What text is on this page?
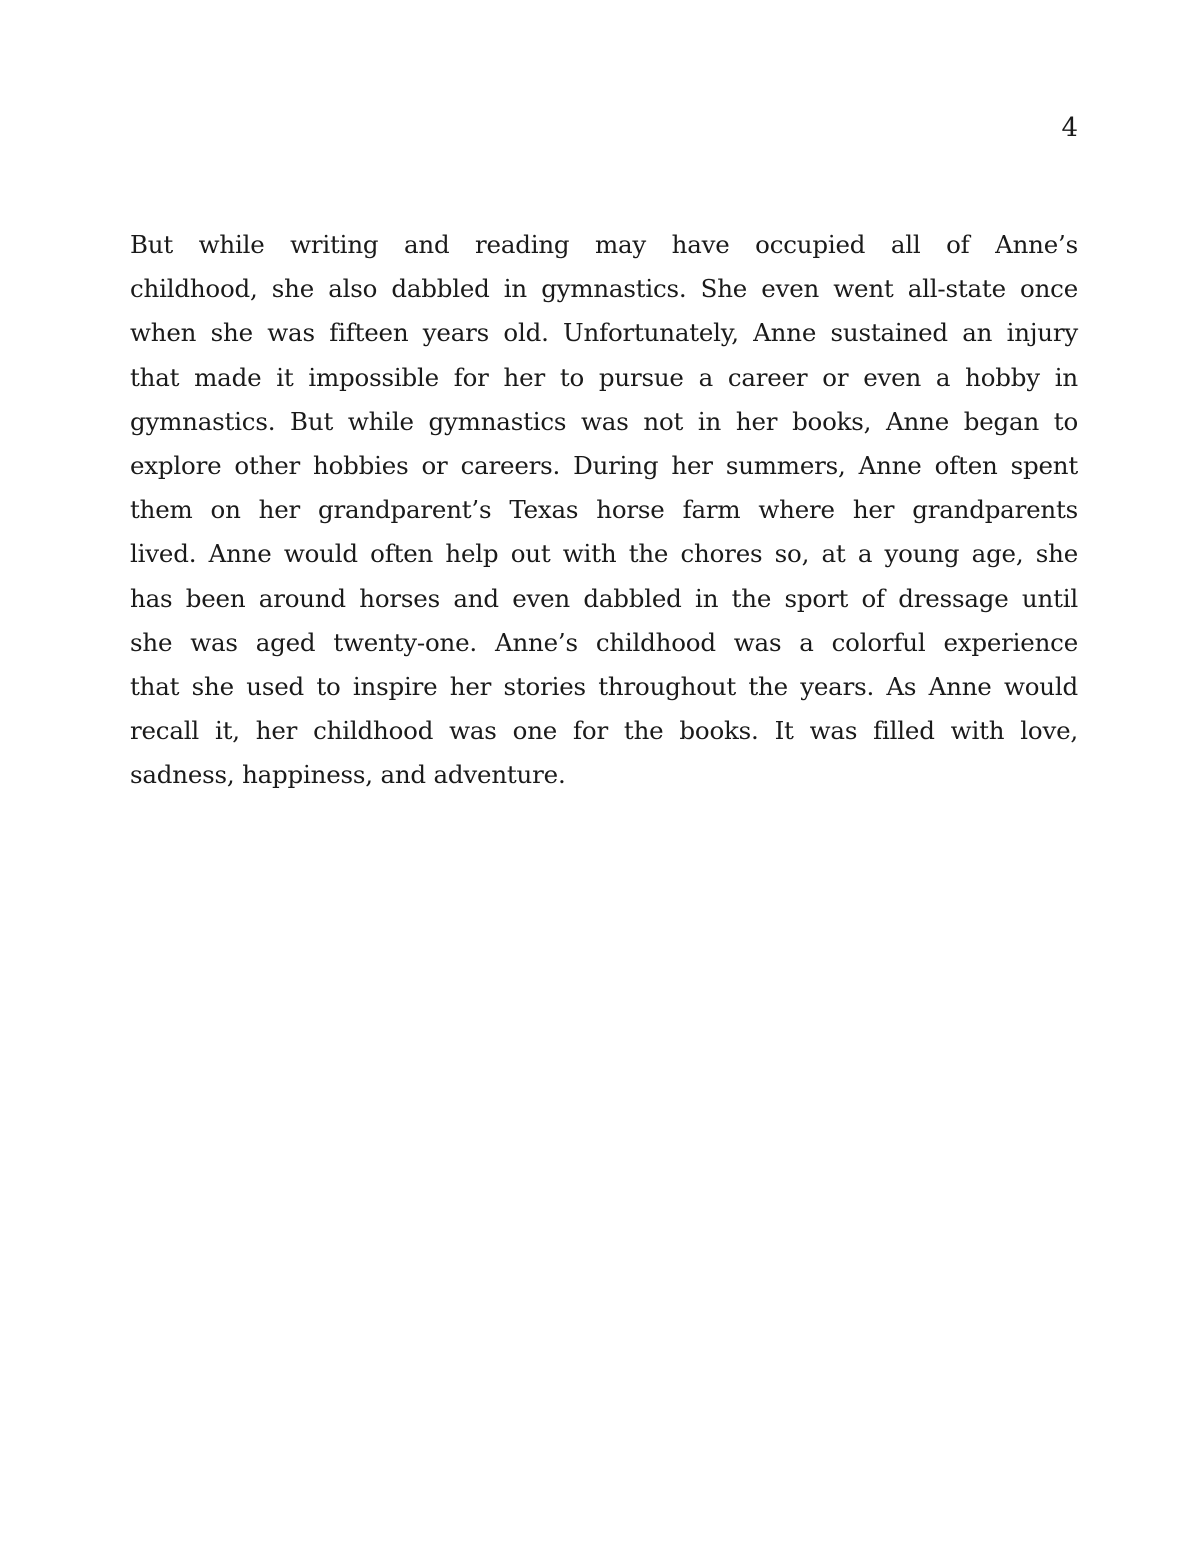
4
But while writing and reading may have occupied all of Anne’s
childhood, she also dabbled in gymnastics. She even went all-state once
when she was fifteen years old. Unfortunately, Anne sustained an injury
that made it impossible for her to pursue a career or even a hobby in
gymnastics. But while gymnastics was not in her books, Anne began to
explore other hobbies or careers. During her summers, Anne often spent
them on her grandparent’s Texas horse farm where her grandparents
lived. Anne would often help out with the chores so, at a young age, she
has been around horses and even dabbled in the sport of dressage until
she was aged twenty-one. Anne’s childhood was a colorful experience
that she used to inspire her stories throughout the years. As Anne would
recall it, her childhood was one for the books. It was filled with love,
sadness, happiness, and adventure.
